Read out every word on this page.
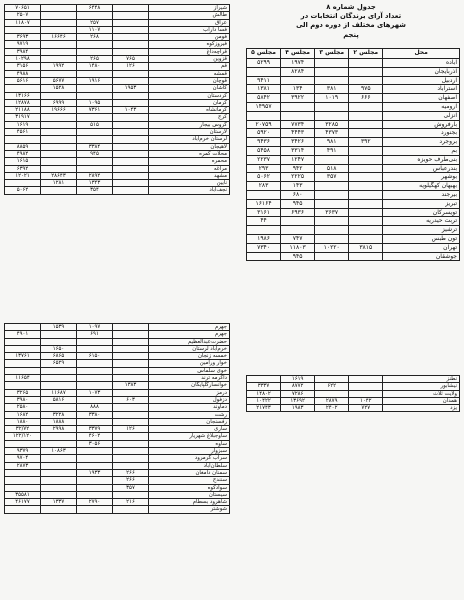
جدول شماره ۸
تعداد آرای برندگان انتخابات در
شهرهای مختلف از دوره دوم الی
پنجم
۷۰۶۵۱		۶۴۴۸		شیراز
۲۵۰۷				طالش
۱۱۸۰۷		۲۵۷		عراق
		۱۱۰۷		فسا داراب
۳۶۹۳	۱۶۶۴۶	۲۶۸		فومن
۹۷۱۹				فیروزکوه
۳۹۸۴				قراچه‌داغ
۱۰۲۹۸		۲۶۵	۷۶۵	قزوین
۳۱۵۶	۱۹۹۲	۱۴۸۰	۱۲۶	قم
۴۹۸۸				قمشه
۵۶۱۶	۵۶۷۷	۱۹۱۶		قوچان
	۱۵۲۸		۱۹۵۳	کاشان
۱۳۱۶۶				کردستان
۱۲۸۷۸	۶۹۹۹	۱۰۹۵		کرمان
۲۱۱۸۸	۱۹۶۶۶	۷۳۶۱	۱۰۴۳	کرمانشاه
۳۱۹۱۷				کرج
۱۶۱۹		۵۱۵		گروس بیجار
۴۵۶۱				لارستان
				لرستان خرم‌آباد
۸۸۵۹		۳۳۸۴		لاهیجان
۴۹۸۲		۹۴۵		محلات کمره
۱۶۱۵				محمره
۶۳۹۲				مراغه
۱۲۰۲۱	۲۸۶۴۳	۲۸۹۲		مشهد
	۱۲۸۱	۱۳۴۳		نایین
۵۰۶۲		۳۵۴		نجف‌آباد
	۱۵۳۹	۱۰۹۷		جهرم
۴۹۰۱		۶۹۱		جهرم
				حضرت‌عبدالعظیم
	۱۶۵۰			خرم‌آباد لرستان
۱۳۷۶۱	۶۸۶۵	۶۱۵۰		خمسه زنجان
	۶۵۲۹			خوار ورامین
				خوی سلماس
۱۱۶۵۴				داکرمه ترند
			۱۳۸۳	خوانسارگلپایگان
۳۲۶۵	۱۱۶۸۷	۱۰۷۳		درمز
۳۹۸۰	۵۸۱۶		۶۰۳	دزفول
۲۵۸۰		۸۸۸		دماوند
۱۶۸۲	۳۲۲۸	۳۳۸۰		رشت
۱۸۸۰	۱۸۸۸			رفسنجان
۳۲/۷۲	۲۹۹۸	۳۳۷۹	۱۲۶	ساری
۱۲۲/۱۲۰		۴۶۰۲		ساوجبلاغ شهریار
		۳۰۵۶		ساوه
۹۳۷۹	۱۰۸۶۳			سبزوار
۹۷۰۴				سراب گرمرود
۲۸۷۳				سلطان‌آباد
		۱۹۳۳	۲۶۶	سمنان دامغان
			۲۶۶	سنندج
			۳۵۷	سوادکوه
۳۵۵۸۱				سیستان
۴۶۱۷۷	۱۳۳۷	۲۷۹۰	۲۱۶	شاهرود بسطام
				شوشتر
مجلس ۵	مجلس ۴	مجلس ۳	مجلس ۲	محل
۵۲۹۹	۱۹۷۴			آباده
	۸۲۸۴			آذربایجان
۹۴۱۱				اردبیل
۱۳۸۱	۱۳۴	۳۸۱	۹۷۵	استرآباد
۵۸۴۲	۳۹۲۲	۱۰۱۹	۶۶۶	اصفهان
۱۴۹۵۷				ارومیه
				انزلی
۲۰۷۵۹	۷۷۳۴	۳۲۸۵		بارفروش
۵۹۲۰	۴۴۴۳	۴۳۷۳		بجنورد
۹۴۳۶	۳۴۲۶	۹۸۱	۳۹۲	بروجرد
۵۴۵۸	۳۳۱۴	۴۹۱		بم
۲۲۳۷	۱۲۴۷			بنی‌طرف حویزه
۲۹۳	۹۴۲	۵۱۸		بندرعباس
۵۰۶۲	۲۲۲۵	۳۵۷		بوشهر
۲۸۳	۱۴۳			بهبهان کهگیلویه
	۶۸۰			بیرجند
۱۶۱۶۴	۹۴۵			تبریز
۳۱۶۱	۶۹۳۶	۳۶۳۷		تویسرکان
۴۴				تربت حیدریه
				ترشیز
۱۹۸۶	۷۴۷			تون طبس
۷۳۴۰	۱۱۸۰۳	۱۰۲۲۰	۳۸۱۵	تهران
	۹۴۵			جوشقان
	۱۶۱۹			نطنز
۳۳۳۷	۸۷۷۲	۶۲۲		نیشابور
۱۴۸۰۲	۷۲۸۶			ولایت ثلاث
۱۰۴۲۲	۱۳۶۹۲	۲۸۷۹	۱۰۴۲	همدان
۲۱۷۴۳	۱۹۸۳	۲۴۰۲	۷۲۷	یزد
